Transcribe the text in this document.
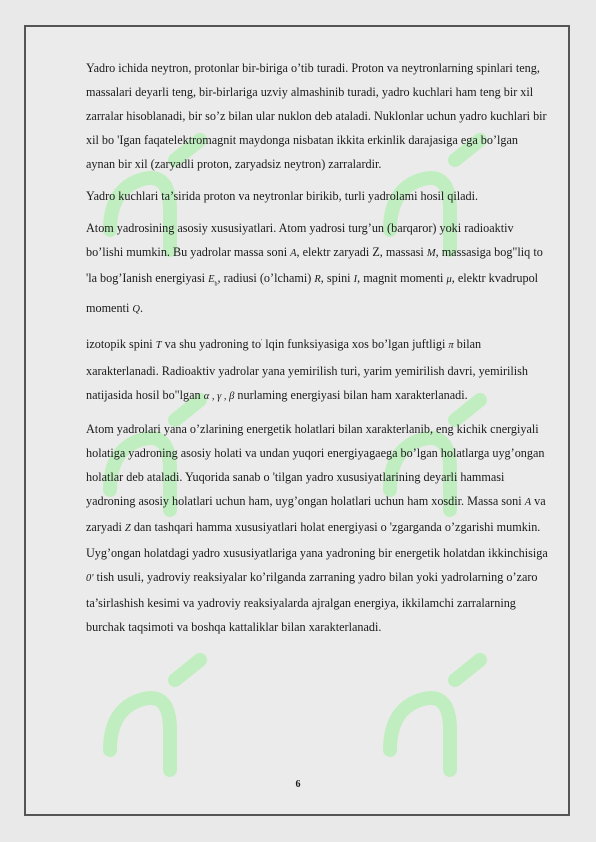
Yadro ichida neytron, protonlar bir-biriga o’tib turadi. Proton va neytronlarning spinlari teng, massalari deyarli teng, bir-birlariga uzviy almashinib turadi, yadro kuchlari ham teng bir xil zarralar hisoblanadi, bir so’z bilan ular nuklon deb ataladi. Nuklonlar uchun yadro kuchlari bir xil bo 'Igan faqatelektromagnit maydonga nisbatan ikkita erkinlik darajasiga ega bo’lgan aynan bir xil (zaryadli proton, zaryadsiz neytron) zarralardir.

Yadro kuchlari ta’sirida proton va neytronlar birikib, turli yadrolami hosil qiladi.

Atom yadrosining asosiy xususiyatlari. Atom yadrosi turg’un (barqaror) yoki radioaktiv bo’lishi mumkin. Bu yadrolar massa soni A, elektr zaryadi Z, massasi M, massasiga bog"liq to 'la bog’Ianish energiyasi $E_b$, radiusi (o’lchami) R, spini I, magnit momenti μ, elektr kvadrupol momenti Q.

izotopik spini T va shu yadroning to' lqin funksiyasiga xos bo’lgan juftligi π bilan xarakterlanadi. Radioaktiv yadrolar yana yemirilish turi, yarim yemirilish davri, yemirilish natijasida hosil bo"lgan α , γ , β nurlaming energiyasi bilan ham xarakterlanadi.

Atom yadrolari yana o’zlarining energetik holatlari bilan xarakterlanib, eng kichik cnergiyali holatiga yadroning asosiy holati va undan yuqori energiyagaega bo’lgan holatlarga uyg’ongan holatlar deb ataladi. Yuqorida sanab o 'tilgan yadro xususiyatlarining deyarli hammasi yadroning asosiy holatlari uchun ham, uyg’ongan holatlari uchun ham xosdir. Massa soni A va zaryadi Z dan tashqari hamma xususiyatlari holat energiyasi o 'zgarganda o’zgarishi mumkin. Uyg’ongan holatdagi yadro xususiyatlariga yana yadroning bir energetik holatdan ikkinchisiga 0' tish usuli, yadroviy reaksiyalar ko’rilganda zarraning yadro bilan yoki yadrolarning o’zaro ta’sirlashish kesimi va yadroviy reaksiyalarda ajralgan energiya, ikkilamchi zarralarning burchak taqsimoti va boshqa kattaliklar bilan xarakterlanadi.

6
